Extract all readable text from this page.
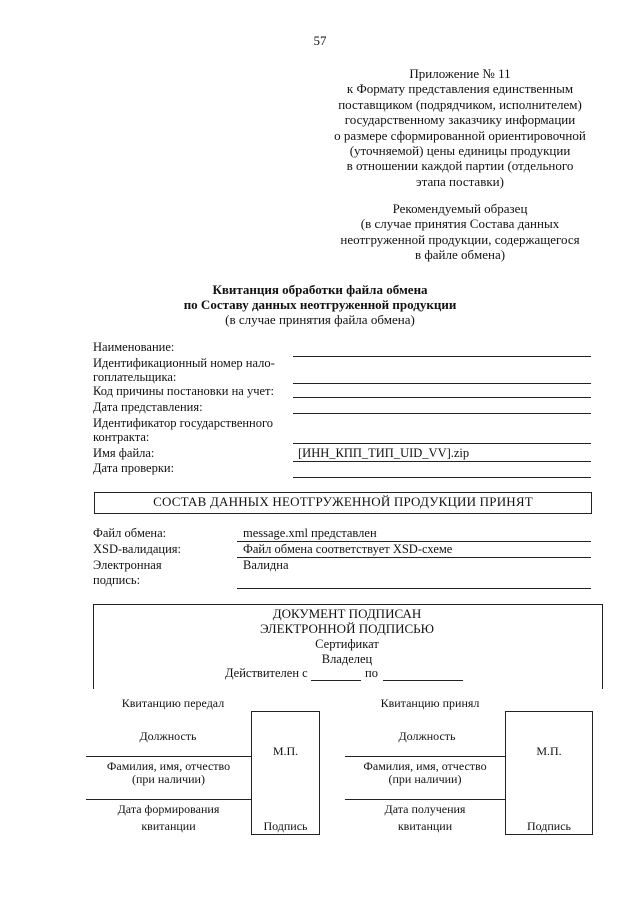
57
Приложение № 11
к Формату представления единственным
поставщиком (подрядчиком, исполнителем)
государственному заказчику информации
о размере сформированной ориентировочной
(уточняемой) цены единицы продукции
в отношении каждой партии (отдельного
этапа поставки)
Рекомендуемый образец
(в случае принятия Состава данных
неотгруженной продукции, содержащегося
в файле обмена)
Квитанция обработки файла обмена
по Составу данных неотгруженной продукции
(в случае принятия файла обмена)
Наименование:
Идентификационный номер нало-
гоплательщика:
Код причины постановки на учет:
Дата представления:
Идентификатор государственного
контракта:
Имя файла:	[ИНН_КПП_ТИП_UID_VV].zip
Дата проверки:
СОСТАВ ДАННЫХ НЕОТГРУЖЕННОЙ ПРОДУКЦИИ ПРИНЯТ
Файл обмена:	message.xml представлен
XSD-валидация:	Файл обмена соответствует XSD-схеме
Электронная
подпись:
Валидна
ДОКУМЕНТ ПОДПИСАН
ЭЛЕКТРОННОЙ ПОДПИСЬЮ
Сертификат
Владелец
Действителен с	по
Квитанцию передал
М.П.
Подпись
Должность
Фамилия, имя, отчество
(при наличии)
Дата формирования
квитанции
Квитанцию принял
М.П.
Подпись
Должность
Фамилия, имя, отчество
(при наличии)
Дата получения
квитанции
